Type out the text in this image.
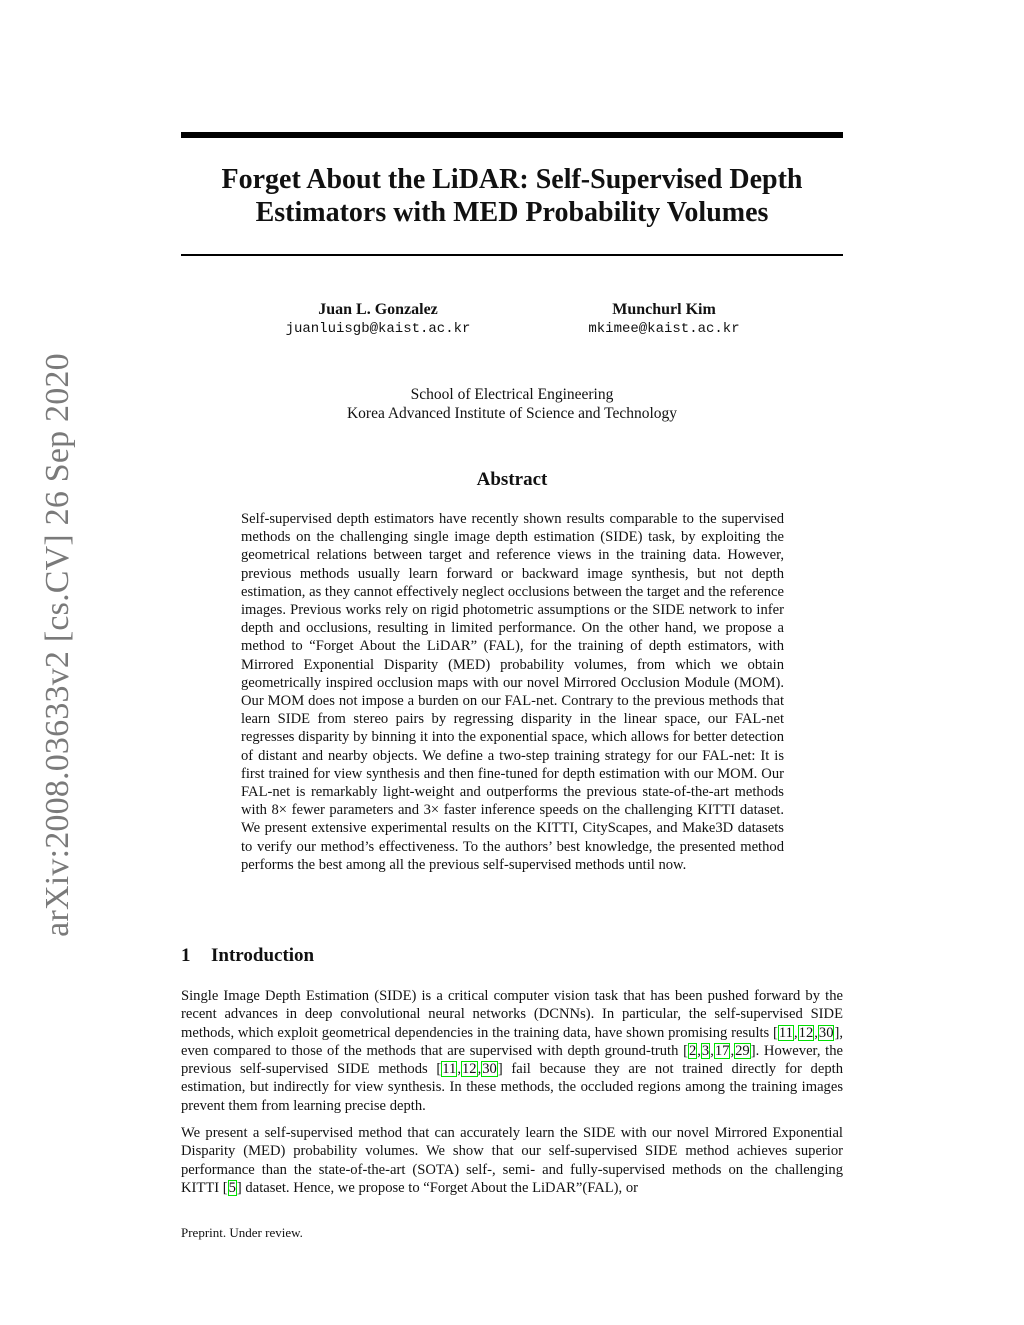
arXiv:2008.03633v2 [cs.CV] 26 Sep 2020
Forget About the LiDAR: Self-Supervised Depth
Estimators with MED Probability Volumes
Juan L. Gonzalez
juanluisgb@kaist.ac.kr
Munchurl Kim
mkimee@kaist.ac.kr
School of Electrical Engineering
Korea Advanced Institute of Science and Technology
Abstract

Self-supervised depth estimators have recently shown results comparable to the supervised methods on the challenging single image depth estimation (SIDE) task, by exploiting the geometrical relations between target and reference views in the training data. However, previous methods usually learn forward or backward image synthesis, but not depth estimation, as they cannot effectively neglect occlusions between the target and the reference images. Previous works rely on rigid photometric assumptions or the SIDE network to infer depth and occlusions, resulting in limited performance. On the other hand, we propose a method to “Forget About the LiDAR” (FAL), for the training of depth estimators, with Mirrored Exponential Disparity (MED) probability volumes, from which we obtain geometrically inspired occlusion maps with our novel Mirrored Occlusion Module (MOM). Our MOM does not impose a burden on our FAL-net. Contrary to the previous methods that learn SIDE from stereo pairs by regressing disparity in the linear space, our FAL-net regresses disparity by binning it into the exponential space, which allows for better detection of distant and nearby objects. We define a two-step training strategy for our FAL-net: It is first trained for view synthesis and then fine-tuned for depth estimation with our MOM. Our FAL-net is remarkably light-weight and outperforms the previous state-of-the-art methods with 8× fewer parameters and 3× faster inference speeds on the challenging KITTI dataset. We present extensive experimental results on the KITTI, CityScapes, and Make3D datasets to verify our method’s effectiveness. To the authors’ best knowledge, the presented method performs the best among all the previous self-supervised methods until now.

1 Introduction

Single Image Depth Estimation (SIDE) is a critical computer vision task that has been pushed forward by the recent advances in deep convolutional neural networks (DCNNs). In particular, the self-supervised SIDE methods, which exploit geometrical dependencies in the training data, have shown promising results [11,12,30], even compared to those of the methods that are supervised with depth ground-truth [2,3,17,29]. However, the previous self-supervised SIDE methods [11,12,30] fail because they are not trained directly for depth estimation, but indirectly for view synthesis. In these methods, the occluded regions among the training images prevent them from learning precise depth.

We present a self-supervised method that can accurately learn the SIDE with our novel Mirrored Exponential Disparity (MED) probability volumes. We show that our self-supervised SIDE method achieves superior performance than the state-of-the-art (SOTA) self-, semi- and fully-supervised methods on the challenging KITTI [5] dataset. Hence, we propose to “Forget About the LiDAR”(FAL), or

Preprint. Under review.
